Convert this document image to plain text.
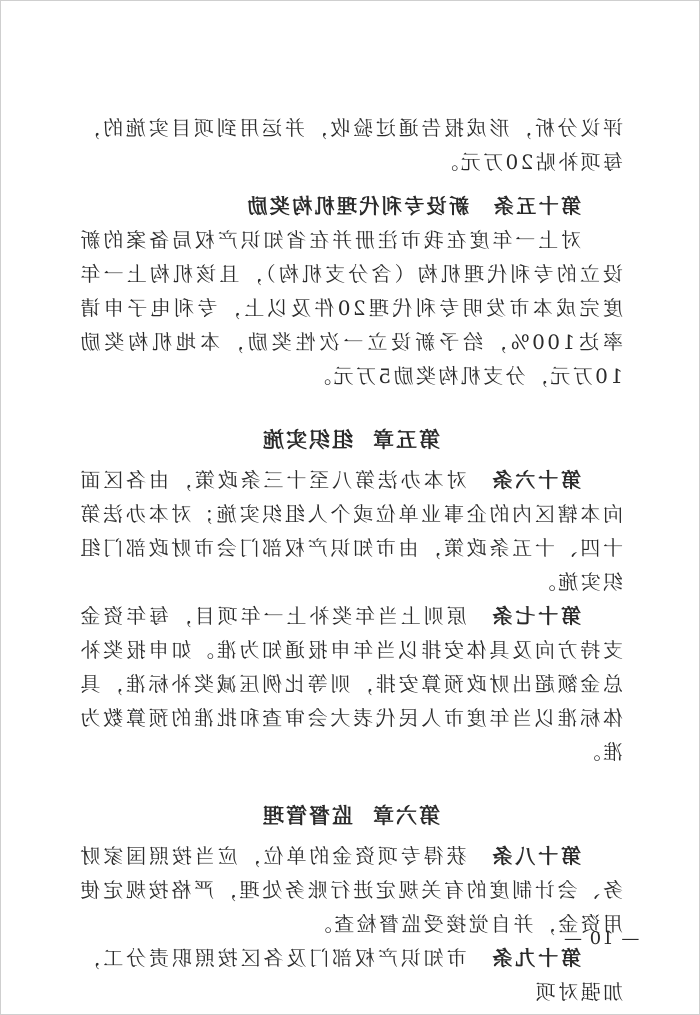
评议分析，形成报告通过验收，并运用到项目实施的，每项补贴20万元。

第十五条　新设专利代理机构奖励

对上一年度在我市注册并在省知识产权局备案的新设立的专利代理机构（含分支机构），且该机构上一年度完成本市发明专利代理20件及以上，专利电子申请率达100%，给予新设立一次性奖励，本地机构奖励10万元，分支机构奖励5万元。

第五章组织实施

第十六条　对本办法第八至十三条政策，由各区面向本辖区内的企事业单位或个人组织实施；对本办法第十四、十五条政策，由市知识产权部门会市财政部门组织实施。

第十七条　原则上当年奖补上一年项目，每年资金支持方向及具体安排以当年申报通知为准。如申报奖补总金额超出财政预算安排，则等比例压减奖补标准，具体标准以当年度市人民代表大会审查和批准的预算数为准。

第六章监督管理

第十八条　获得专项资金的单位，应当按照国家财务、会计制度的有关规定进行账务处理，严格按规定使用资金，并自觉接受监督检查。

第十九条　市知识产权部门及各区按照职责分工，加强对项

— 10 —
